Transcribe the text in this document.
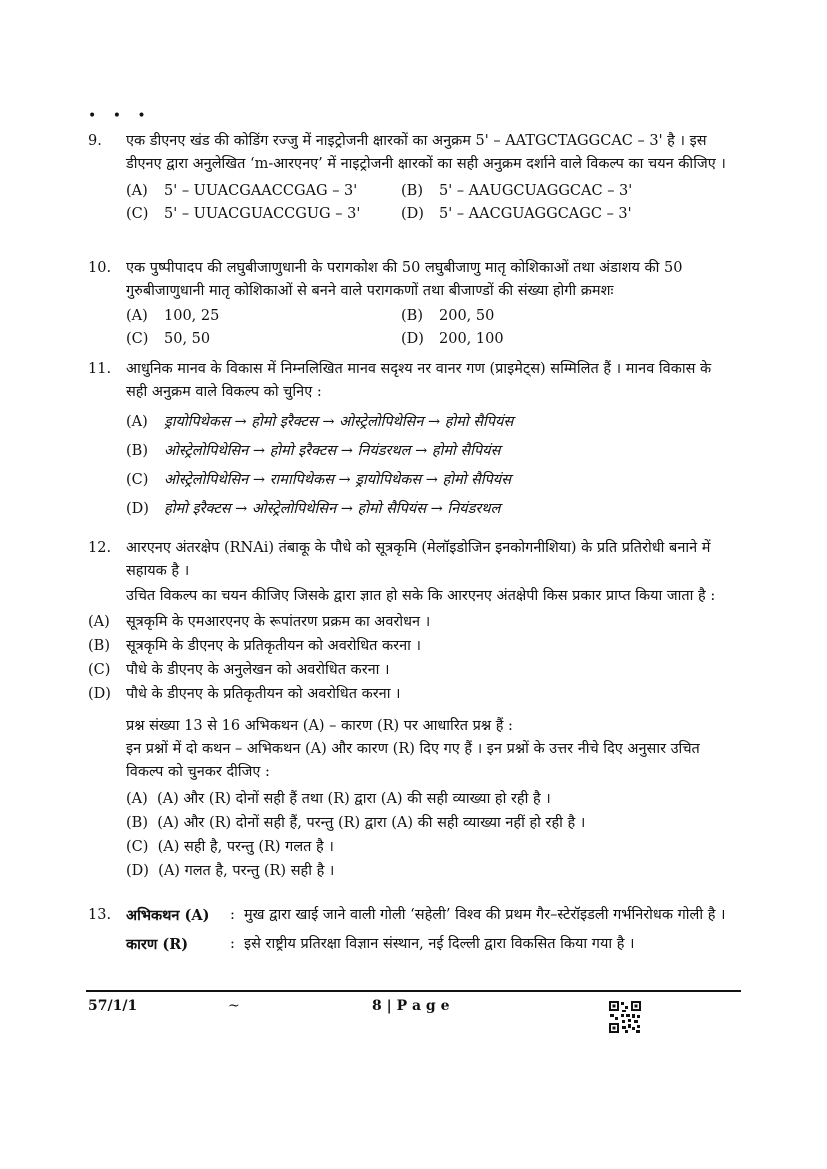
• • •
9.	एक डीएनए खंड की कोडिंग रज्जु में नाइट्रोजनी क्षारकों का अनुक्रम 5' – AATGCTAGGCAC – 3' है । इस डीएनए द्वारा अनुलेखित ‘m-आरएनए’ में नाइट्रोजनी क्षारकों का सही अनुक्रम दर्शाने वाले विकल्प का चयन कीजिए ।
(A) 5' – UUACGAACCGAG – 3'	(B) 5' – AAUGCUAGGCAC – 3'
(C) 5' – UUACGUACCGUG – 3'	(D) 5' – AACGUAGGCAGC – 3'
10.	एक पुष्पीपादप की लघुबीजाणुधानी के परागकोश की 50 लघुबीजाणु मातृ कोशिकाओं तथा अंडाशय की 50 गुरुबीजाणुधानी मातृ कोशिकाओं से बनने वाले परागकणों तथा बीजाण्डों की संख्या होगी क्रमशः
(A) 100, 25	(B) 200, 50
(C) 50, 50	(D) 200, 100
11.	आधुनिक मानव के विकास में निम्नलिखित मानव सदृश्य नर वानर गण (प्राइमेट्स) सम्मिलित हैं । मानव विकास के सही अनुक्रम वाले विकल्प को चुनिए :
(A) ड्रायोपिथेकस → होमो इरैक्टस → ओस्ट्रेलोपिथेसिन → होमो सैपियंस
(B) ओस्ट्रेलोपिथेसिन → होमो इरैक्टस → नियंडरथल → होमो सैपियंस
(C) ओस्ट्रेलोपिथेसिन → रामापिथेकस → ड्रायोपिथेकस → होमो सैपियंस
(D) होमो इरैक्टस → ओस्ट्रेलोपिथेसिन → होमो सैपियंस → नियंडरथल
12.	आरएनए अंतरक्षेप (RNAi) तंबाकू के पौधे को सूत्रकृमि (मेलॉइडोजिन इनकोगनीशिया) के प्रति प्रतिरोधी बनाने में सहायक है ।
उचित विकल्प का चयन कीजिए जिसके द्वारा ज्ञात हो सके कि आरएनए अंतक्षेपी किस प्रकार प्राप्त किया जाता है :
(A) सूत्रकृमि के एमआरएनए के रूपांतरण प्रक्रम का अवरोधन ।
(B) सूत्रकृमि के डीएनए के प्रतिकृतीयन को अवरोधित करना ।
(C) पौधे के डीएनए के अनुलेखन को अवरोधित करना ।
(D) पौधे के डीएनए के प्रतिकृतीयन को अवरोधित करना ।
प्रश्न संख्या 13 से 16 अभिकथन (A) – कारण (R) पर आधारित प्रश्न हैं :
इन प्रश्नों में दो कथन – अभिकथन (A) और कारण (R) दिए गए हैं । इन प्रश्नों के उत्तर नीचे दिए अनुसार उचित विकल्प को चुनकर दीजिए :
(A) (A) और (R) दोनों सही हैं तथा (R) द्वारा (A) की सही व्याख्या हो रही है ।
(B) (A) और (R) दोनों सही हैं, परन्तु (R) द्वारा (A) की सही व्याख्या नहीं हो रही है ।
(C) (A) सही है, परन्तु (R) गलत है ।
(D) (A) गलत है, परन्तु (R) सही है ।
13.	अभिकथन (A) : मुख द्वारा खाई जाने वाली गोली ‘सहेली’ विश्व की प्रथम गैर–स्टेरॉइडली गर्भनिरोधक गोली है ।
कारण (R)	: इसे राष्ट्रीय प्रतिरक्षा विज्ञान संस्थान, नई दिल्ली द्वारा विकसित किया गया है ।
57/1/1	~	8 | P a g e
